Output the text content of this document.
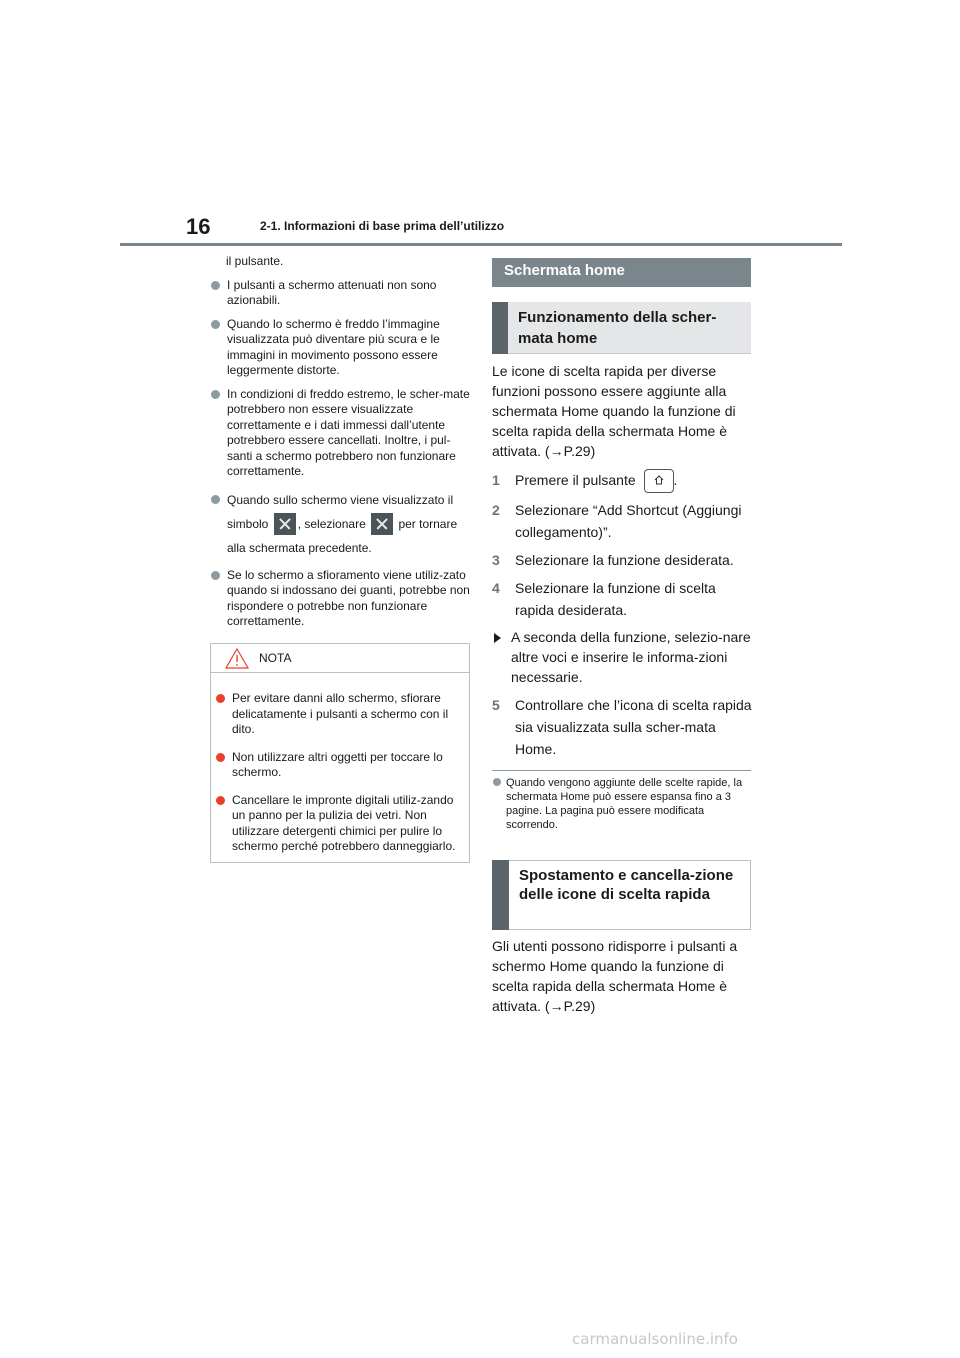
16	2-1. Informazioni di base prima dell’utilizzo

il pulsante.

I pulsanti a schermo attenuati non sono azionabili.

Quando lo schermo è freddo l’immagine visualizzata può diventare più scura e le immagini in movimento possono essere leggermente distorte.

In condizioni di freddo estremo, le scher-mate potrebbero non essere visualizzate correttamente e i dati immessi dall’utente potrebbero essere cancellati. Inoltre, i pul-santi a schermo potrebbero non funzionare correttamente.

Quando sullo schermo viene visualizzato il simbolo , selezionare	per tornare alla schermata precedente.

Se lo schermo a sfioramento viene utiliz-zato quando si indossano dei guanti, potrebbe non rispondere o potrebbe non funzionare correttamente.

NOTA

Per evitare danni allo schermo, sfiorare delicatamente i pulsanti a schermo con il dito.

Non utilizzare altri oggetti per toccare lo schermo.

Cancellare le impronte digitali utiliz-zando un panno per la pulizia dei vetri. Non utilizzare detergenti chimici per pulire lo schermo perché potrebbero danneggiarlo.

Schermata home
Funzionamento della scher-mata home

Le icone di scelta rapida per diverse funzioni possono essere aggiunte alla schermata Home quando la funzione di scelta rapida della schermata Home è attivata. (→P.29)

1 Premere il pulsante	.

2 Selezionare “Add Shortcut (Aggiungi collegamento)”.

3 Selezionare la funzione desiderata.

4 Selezionare la funzione di scelta rapida desiderata.

A seconda della funzione, selezio-nare altre voci e inserire le informa-zioni necessarie.

5 Controllare che l’icona di scelta rapida sia visualizzata sulla scher-mata Home.

Quando vengono aggiunte delle scelte rapide, la schermata Home può essere espansa fino a 3 pagine. La pagina può essere modificata scorrendo.

Spostamento e cancella-zione delle icone di scelta rapida

Gli utenti possono ridisporre i pulsanti a schermo Home quando la funzione di scelta rapida della schermata Home è attivata. (→P.29)

carmanualsonline.info
